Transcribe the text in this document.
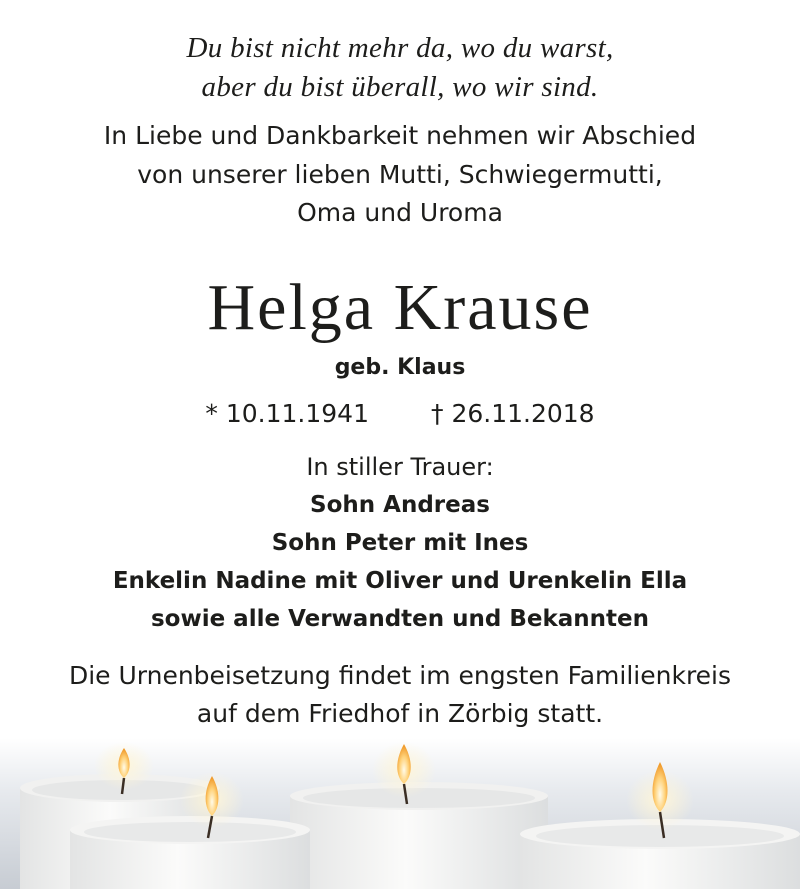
Du bist nicht mehr da, wo du warst,
aber du bist überall, wo wir sind.
In Liebe und Dankbarkeit nehmen wir Abschied
von unserer lieben Mutti, Schwiegermutti,
Oma und Uroma
Helga Krause
geb. Klaus
* 10.11.1941 † 26.11.2018
In stiller Trauer:
Sohn Andreas
Sohn Peter mit Ines
Enkelin Nadine mit Oliver und Urenkelin Ella
sowie alle Verwandten und Bekannten
Die Urnenbeisetzung findet im engsten Familienkreis
auf dem Friedhof in Zörbig statt.
